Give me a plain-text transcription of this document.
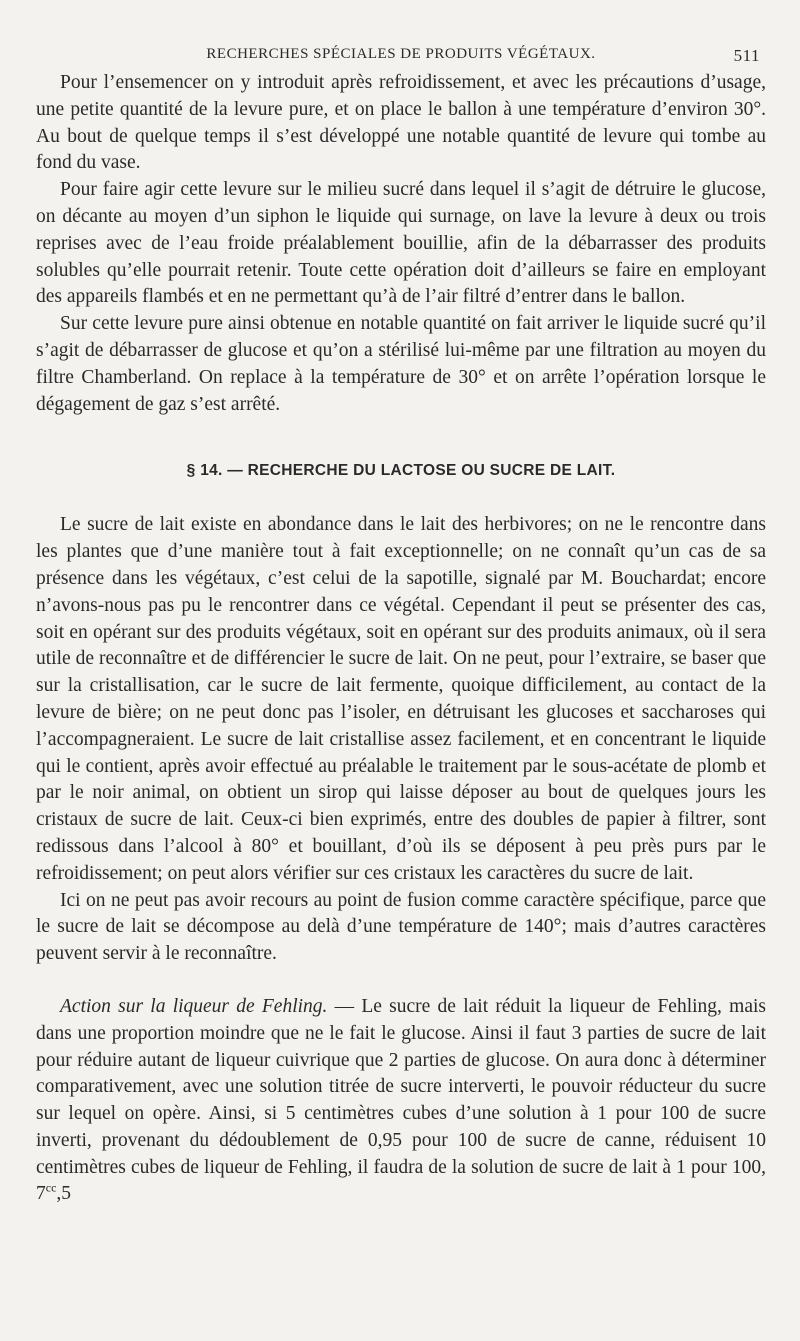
RECHERCHES SPÉCIALES DE PRODUITS VÉGÉTAUX.	511

Pour l’ensemencer on y introduit après refroidissement, et avec les précautions d’usage, une petite quantité de la levure pure, et on place le ballon à une température d’environ 30°. Au bout de quelque temps il s’est développé une notable quantité de levure qui tombe au fond du vase.

Pour faire agir cette levure sur le milieu sucré dans lequel il s’agit de détruire le glucose, on décante au moyen d’un siphon le liquide qui surnage, on lave la levure à deux ou trois reprises avec de l’eau froide préalablement bouillie, afin de la débarrasser des produits solubles qu’elle pourrait retenir. Toute cette opération doit d’ailleurs se faire en employant des appareils flambés et en ne permettant qu’à de l’air filtré d’entrer dans le ballon.

Sur cette levure pure ainsi obtenue en notable quantité on fait arriver le liquide sucré qu’il s’agit de débarrasser de glucose et qu’on a stérilisé lui-même par une filtration au moyen du filtre Chamberland. On replace à la température de 30° et on arrête l’opération lorsque le dégagement de gaz s’est arrêté.

§ 14. — RECHERCHE DU LACTOSE OU SUCRE DE LAIT.

Le sucre de lait existe en abondance dans le lait des herbivores; on ne le rencontre dans les plantes que d’une manière tout à fait exceptionnelle; on ne connaît qu’un cas de sa présence dans les végétaux, c’est celui de la sapotille, signalé par M. Bouchardat; encore n’avons-nous pas pu le rencontrer dans ce végétal. Cependant il peut se présenter des cas, soit en opérant sur des produits végétaux, soit en opérant sur des produits animaux, où il sera utile de reconnaître et de différencier le sucre de lait. On ne peut, pour l’extraire, se baser que sur la cristallisation, car le sucre de lait fermente, quoique difficilement, au contact de la levure de bière; on ne peut donc pas l’isoler, en détruisant les glucoses et saccharoses qui l’accompagneraient. Le sucre de lait cristallise assez facilement, et en concentrant le liquide qui le contient, après avoir effectué au préalable le traitement par le sous-acétate de plomb et par le noir animal, on obtient un sirop qui laisse déposer au bout de quelques jours les cristaux de sucre de lait. Ceux-ci bien exprimés, entre des doubles de papier à filtrer, sont redissous dans l’alcool à 80° et bouillant, d’où ils se déposent à peu près purs par le refroidissement; on peut alors vérifier sur ces cristaux les caractères du sucre de lait.

Ici on ne peut pas avoir recours au point de fusion comme caractère spécifique, parce que le sucre de lait se décompose au delà d’une température de 140°; mais d’autres caractères peuvent servir à le reconnaître.

Action sur la liqueur de Fehling. — Le sucre de lait réduit la liqueur de Fehling, mais dans une proportion moindre que ne le fait le glucose. Ainsi il faut 3 parties de sucre de lait pour réduire autant de liqueur cuivrique que 2 parties de glucose. On aura donc à déterminer comparativement, avec une solution titrée de sucre interverti, le pouvoir réducteur du sucre sur lequel on opère. Ainsi, si 5 centimètres cubes d’une solution à 1 pour 100 de sucre inverti, provenant du dédoublement de 0,95 pour 100 de sucre de canne, réduisent 10 centimètres cubes de liqueur de Fehling, il faudra de la solution de sucre de lait à 1 pour 100, $7^{cc},5$
